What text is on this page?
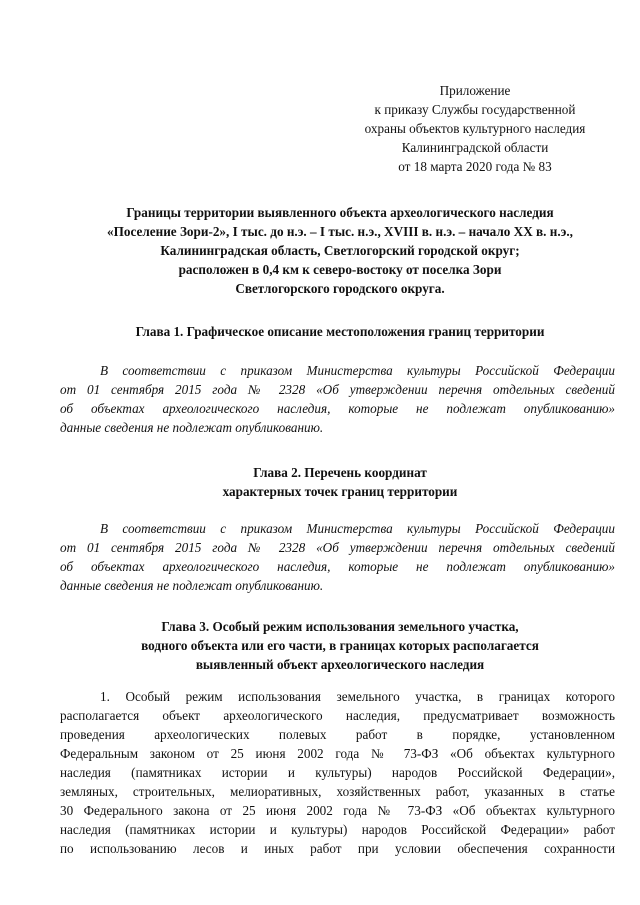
Приложение
к приказу Службы государственной
охраны объектов культурного наследия
Калининградской области
от 18 марта 2020 года № 83
Границы территории выявленного объекта археологического наследия
«Поселение Зори-2», I тыс. до н.э. – I тыс. н.э., XVIII в. н.э. – начало XX в. н.э.,
Калининградская область, Светлогорский городской округ;
расположен в 0,4 км к северо-востоку от поселка Зори
Светлогорского городского округа.
Глава 1. Графическое описание местоположения границ территории
В соответствии с приказом Министерства культуры Российской Федерации
от 01 сентября 2015 года № 2328 «Об утверждении перечня отдельных сведений
об объектах археологического наследия, которые не подлежат опубликованию»
данные сведения не подлежат опубликованию.
Глава 2. Перечень координат
характерных точек границ территории
В соответствии с приказом Министерства культуры Российской Федерации
от 01 сентября 2015 года № 2328 «Об утверждении перечня отдельных сведений
об объектах археологического наследия, которые не подлежат опубликованию»
данные сведения не подлежат опубликованию.
Глава 3. Особый режим использования земельного участка,
водного объекта или его части, в границах которых располагается
выявленный объект археологического наследия
1. Особый режим использования земельного участка, в границах которого
располагается объект археологического наследия, предусматривает возможность
проведения археологических полевых работ в порядке, установленном
Федеральным законом от 25 июня 2002 года № 73-ФЗ «Об объектах культурного
наследия (памятниках истории и культуры) народов Российской Федерации»,
земляных, строительных, мелиоративных, хозяйственных работ, указанных в статье
30 Федерального закона от 25 июня 2002 года № 73-ФЗ «Об объектах культурного
наследия (памятниках истории и культуры) народов Российской Федерации» работ
по использованию лесов и иных работ при условии обеспечения сохранности
